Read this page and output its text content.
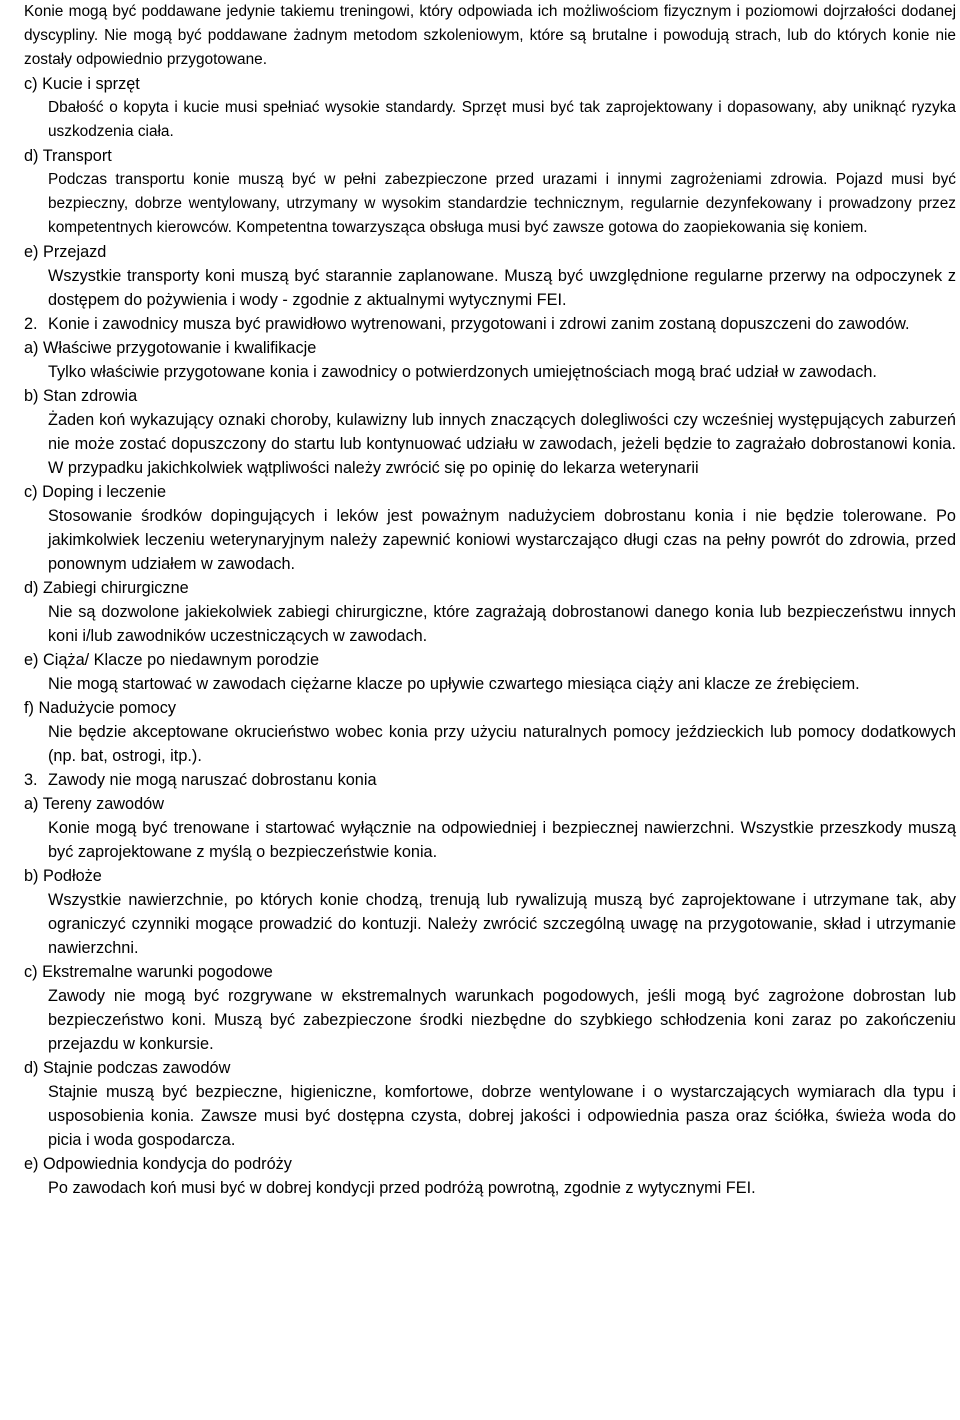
Konie mogą być poddawane jedynie takiemu treningowi, który odpowiada ich możliwościom fizycznym i poziomowi dojrzałości dodanej dyscypliny. Nie mogą być poddawane żadnym metodom szkoleniowym, które są brutalne i powodują strach, lub do których konie nie zostały odpowiednio przygotowane.

c) Kucie i sprzęt

Dbałość o kopyta i kucie musi spełniać wysokie standardy. Sprzęt musi być tak zaprojektowany i dopasowany, aby uniknąć ryzyka uszkodzenia ciała.

d) Transport

Podczas transportu konie muszą być w pełni zabezpieczone przed urazami i innymi zagrożeniami zdrowia. Pojazd musi być bezpieczny, dobrze wentylowany, utrzymany w wysokim standardzie technicznym, regularnie dezynfekowany i prowadzony przez kompetentnych kierowców. Kompetentna towarzysząca obsługa musi być zawsze gotowa do zaopiekowania się koniem.

e) Przejazd

Wszystkie transporty koni muszą być starannie zaplanowane. Muszą być uwzględnione regularne przerwy na odpoczynek z dostępem do pożywienia i wody - zgodnie z aktualnymi wytycznymi FEI.

2. Konie i zawodnicy musza być prawidłowo wytrenowani, przygotowani i zdrowi zanim zostaną dopuszczeni do zawodów.

a) Właściwe przygotowanie i kwalifikacje

Tylko właściwie przygotowane konia i zawodnicy o potwierdzonych umiejętnościach mogą brać udział w zawodach.

b) Stan zdrowia

Żaden koń wykazujący oznaki choroby, kulawizny lub innych znaczących dolegliwości czy wcześniej występujących zaburzeń nie może zostać dopuszczony do startu lub kontynuować udziału w zawodach, jeżeli będzie to zagrażało dobrostanowi konia. W przypadku jakichkolwiek wątpliwości należy zwrócić się po opinię do lekarza weterynarii

c) Doping i leczenie

Stosowanie środków dopingujących i leków jest poważnym nadużyciem dobrostanu konia i nie będzie tolerowane. Po jakimkolwiek leczeniu weterynaryjnym należy zapewnić koniowi wystarczająco długi czas na pełny powrót do zdrowia, przed ponownym udziałem w zawodach.

d) Zabiegi chirurgiczne

Nie są dozwolone jakiekolwiek zabiegi chirurgiczne, które zagrażają dobrostanowi danego konia lub bezpieczeństwu innych koni i/lub zawodników uczestniczących w zawodach.

e) Ciąża/ Klacze po niedawnym porodzie

Nie mogą startować w zawodach ciężarne klacze po upływie czwartego miesiąca ciąży ani klacze ze źrebięciem.

f) Nadużycie pomocy

Nie będzie akceptowane okrucieństwo wobec konia przy użyciu naturalnych pomocy jeździeckich lub pomocy dodatkowych (np. bat, ostrogi, itp.).

3. Zawody nie mogą naruszać dobrostanu konia

a) Tereny zawodów

Konie mogą być trenowane i startować wyłącznie na odpowiedniej i bezpiecznej nawierzchni. Wszystkie przeszkody muszą być zaprojektowane z myślą o bezpieczeństwie konia.

b) Podłoże

Wszystkie nawierzchnie, po których konie chodzą, trenują lub rywalizują muszą być zaprojektowane i utrzymane tak, aby ograniczyć czynniki mogące prowadzić do kontuzji. Należy zwrócić szczególną uwagę na przygotowanie, skład i utrzymanie nawierzchni.

c) Ekstremalne warunki pogodowe

Zawody nie mogą być rozgrywane w ekstremalnych warunkach pogodowych, jeśli mogą być zagrożone dobrostan lub bezpieczeństwo koni. Muszą być zabezpieczone środki niezbędne do szybkiego schłodzenia koni zaraz po zakończeniu przejazdu w konkursie.

d) Stajnie podczas zawodów

Stajnie muszą być bezpieczne, higieniczne, komfortowe, dobrze wentylowane i o wystarczających wymiarach dla typu i usposobienia konia. Zawsze musi być dostępna czysta, dobrej jakości i odpowiednia pasza oraz ściółka, świeża woda do picia i woda gospodarcza.

e) Odpowiednia kondycja do podróży

Po zawodach koń musi być w dobrej kondycji przed podróżą powrotną, zgodnie z wytycznymi FEI.
